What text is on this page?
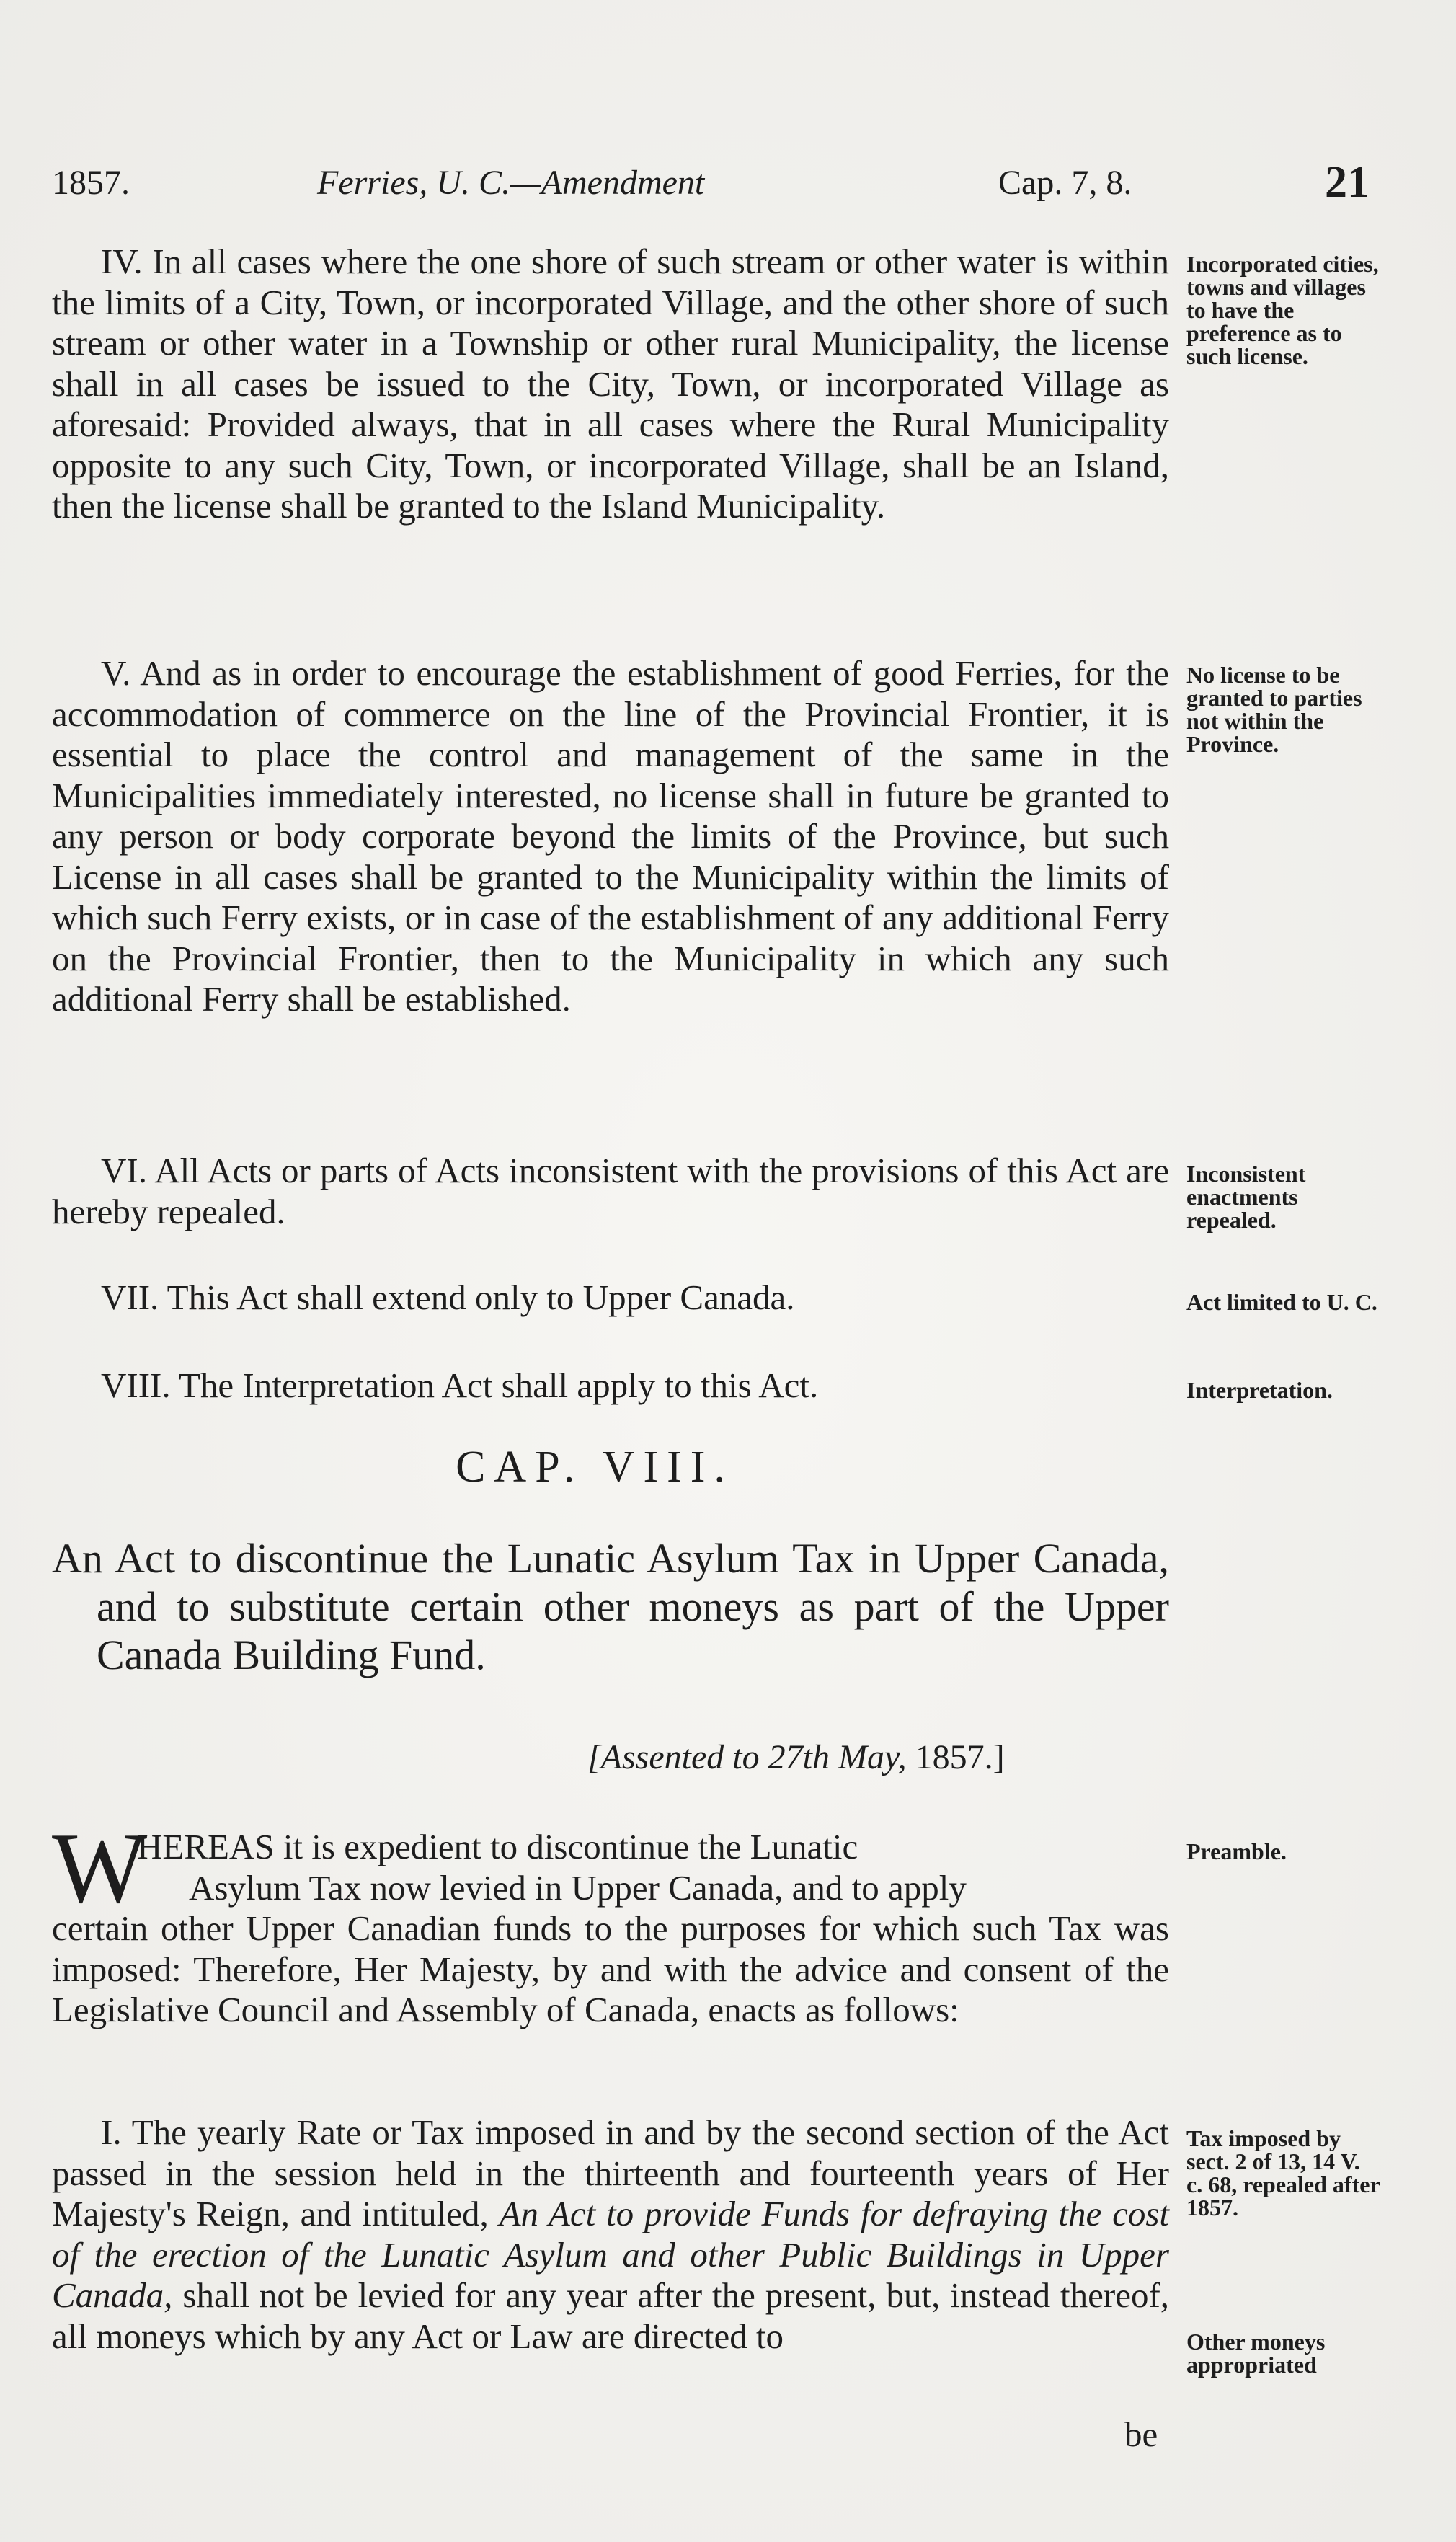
1857.	Ferries, U. C.—Amendment	Cap. 7, 8.	21
IV. In all cases where the one shore of such stream or other water is within the limits of a City, Town, or incorporated Village, and the other shore of such stream or other water in a Township or other rural Municipality, the license shall in all cases be issued to the City, Town, or incorporated Village as aforesaid: Provided always, that in all cases where the Rural Municipality opposite to any such City, Town, or incorporated Village, shall be an Island, then the license shall be granted to the Island Municipality.
Incorporated cities, towns and villages to have the preference as to such license.
V. And as in order to encourage the establishment of good Ferries, for the accommodation of commerce on the line of the Provincial Frontier, it is essential to place the control and management of the same in the Municipalities immediately interested, no license shall in future be granted to any person or body corporate beyond the limits of the Province, but such License in all cases shall be granted to the Municipality within the limits of which such Ferry exists, or in case of the establishment of any additional Ferry on the Provincial Frontier, then to the Municipality in which any such additional Ferry shall be established.
No license to be granted to parties not within the Province.
VI. All Acts or parts of Acts inconsistent with the provisions of this Act are hereby repealed.
Inconsistent enactments repealed.
VII. This Act shall extend only to Upper Canada.	Act limited to U. C.
VIII. The Interpretation Act shall apply to this Act.	Interpretation.
CAP. VIII.
An Act to discontinue the Lunatic Asylum Tax in Upper Canada, and to substitute certain other moneys as part of the Upper Canada Building Fund.
[Assented to 27th May, 1857.]
W
HEREAS it is expedient to discontinue the Lunatic
Asylum Tax now levied in Upper Canada, and to apply
certain other Upper Canadian funds to the purposes for which such Tax was imposed: Therefore, Her Majesty, by and with the advice and consent of the Legislative Council and Assembly of Canada, enacts as follows:
Preamble.
I. The yearly Rate or Tax imposed in and by the second section of the Act passed in the session held in the thirteenth and fourteenth years of Her Majesty's Reign, and intituled, An Act to provide Funds for defraying the cost of the erection of the Lunatic Asylum and other Public Buildings in Upper Canada, shall not be levied for any year after the present, but, instead thereof, all moneys which by any Act or Law are directed to
Tax imposed by sect. 2 of 13, 14 V. c. 68, repealed after 1857.
Other moneys appropriated
be
